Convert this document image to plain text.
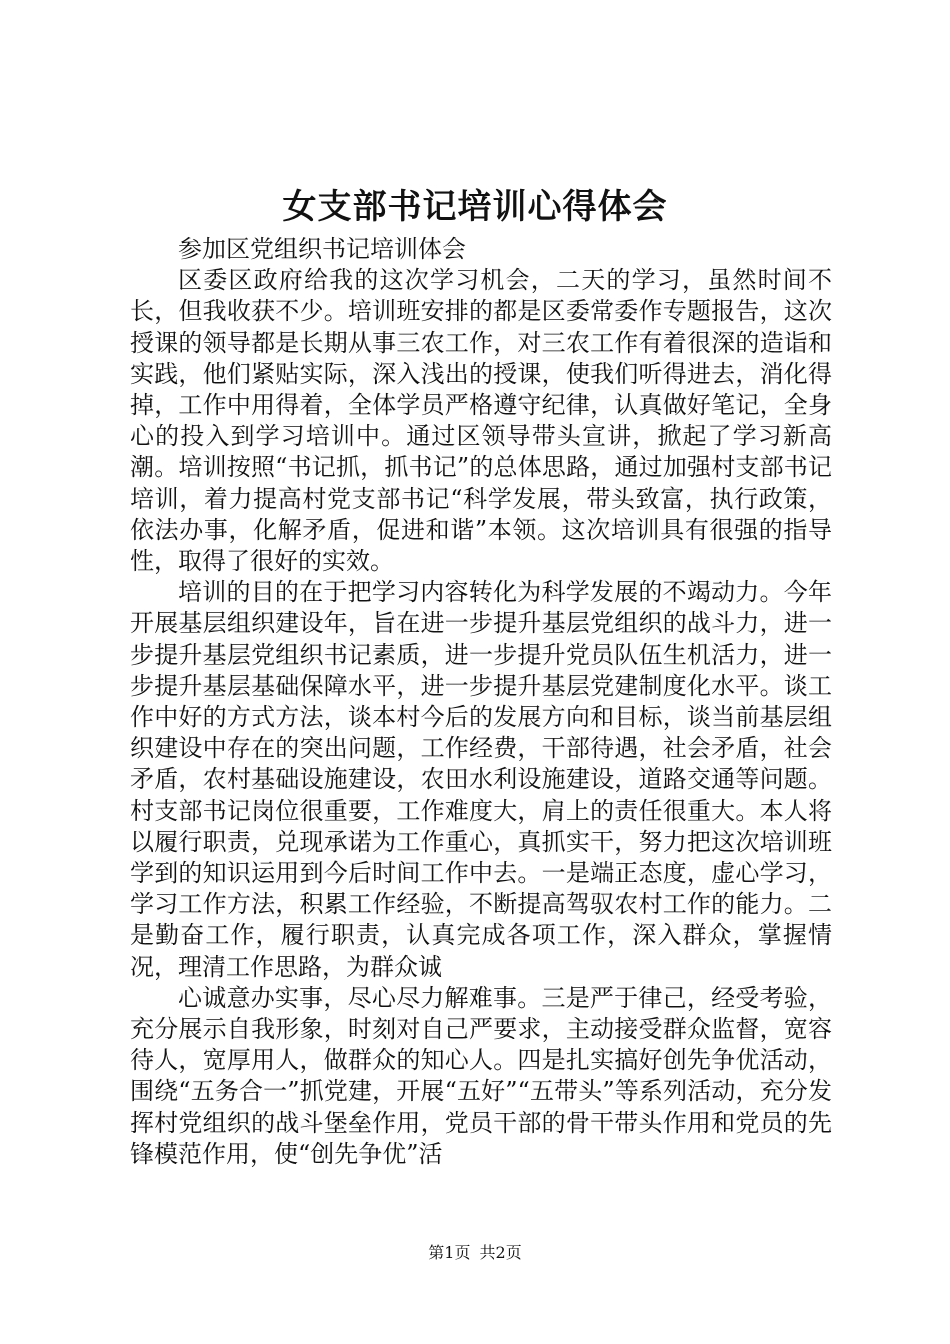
女支部书记培训心得体会

参加区党组织书记培训体会

区委区政府给我的这次学习机会，二天的学习，虽然时间不长，但我收获不少。培训班安排的都是区委常委作专题报告，这次授课的领导都是长期从事三农工作，对三农工作有着很深的造诣和实践，他们紧贴实际，深入浅出的授课，使我们听得进去，消化得掉，工作中用得着，全体学员严格遵守纪律，认真做好笔记，全身心的投入到学习培训中。通过区领导带头宣讲，掀起了学习新高潮。培训按照“书记抓，抓书记”的总体思路，通过加强村支部书记培训，着力提高村党支部书记“科学发展，带头致富，执行政策，依法办事，化解矛盾，促进和谐”本领。这次培训具有很强的指导性，取得了很好的实效。

培训的目的在于把学习内容转化为科学发展的不竭动力。今年开展基层组织建设年，旨在进一步提升基层党组织的战斗力，进一步提升基层党组织书记素质，进一步提升党员队伍生机活力，进一步提升基层基础保障水平，进一步提升基层党建制度化水平。谈工作中好的方式方法，谈本村今后的发展方向和目标，谈当前基层组织建设中存在的突出问题，工作经费，干部待遇，社会矛盾，社会矛盾，农村基础设施建设，农田水利设施建设，道路交通等问题。村支部书记岗位很重要，工作难度大，肩上的责任很重大。本人将以履行职责，兑现承诺为工作重心，真抓实干，努力把这次培训班学到的知识运用到今后时间工作中去。一是端正态度，虚心学习，学习工作方法，积累工作经验，不断提高驾驭农村工作的能力。二是勤奋工作，履行职责，认真完成各项工作，深入群众，掌握情况，理清工作思路，为群众诚

心诚意办实事，尽心尽力解难事。三是严于律己，经受考验，充分展示自我形象，时刻对自己严要求，主动接受群众监督，宽容待人，宽厚用人，做群众的知心人。四是扎实搞好创先争优活动，围绕“五务合一”抓党建，开展“五好”“五带头”等系列活动，充分发挥村党组织的战斗堡垒作用，党员干部的骨干带头作用和党员的先锋模范作用，使“创先争优”活

第1页 共2页
